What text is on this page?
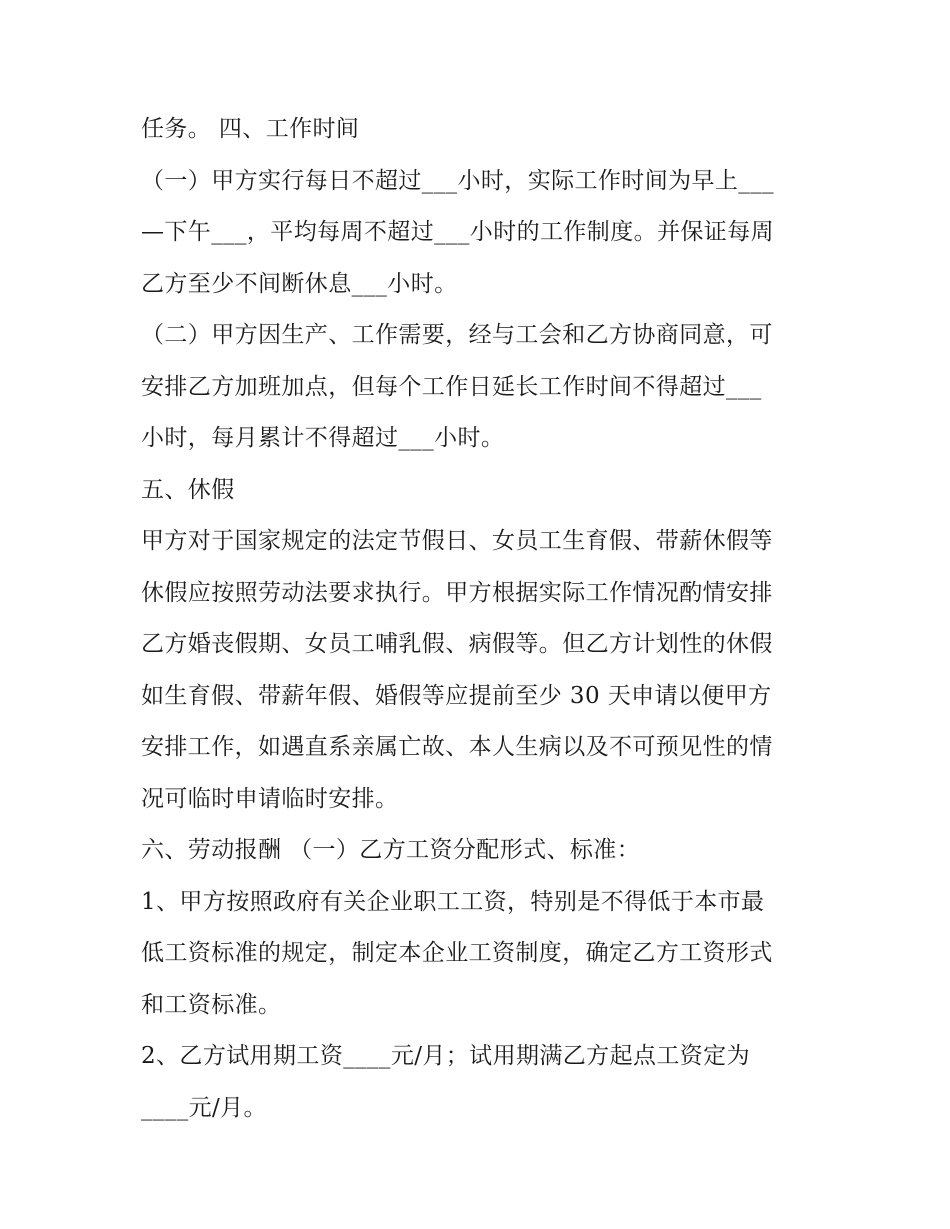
任务。 四、工作时间
（一）甲方实行每日不超过___小时，实际工作时间为早上___
—下午___，平均每周不超过___小时的工作制度。并保证每周
乙方至少不间断休息___小时。
（二）甲方因生产、工作需要，经与工会和乙方协商同意，可
安排乙方加班加点，但每个工作日延长工作时间不得超过___
小时，每月累计不得超过___小时。
五、休假
甲方对于国家规定的法定节假日、女员工生育假、带薪休假等
休假应按照劳动法要求执行。甲方根据实际工作情况酌情安排
乙方婚丧假期、女员工哺乳假、病假等。但乙方计划性的休假
如生育假、带薪年假、婚假等应提前至少 30 天申请以便甲方
安排工作，如遇直系亲属亡故、本人生病以及不可预见性的情
况可临时申请临时安排。
六、劳动报酬 （一）乙方工资分配形式、标准：
1、甲方按照政府有关企业职工工资，特别是不得低于本市最
低工资标准的规定，制定本企业工资制度，确定乙方工资形式
和工资标准。
2、乙方试用期工资____元/月；试用期满乙方起点工资定为
____元/月。
